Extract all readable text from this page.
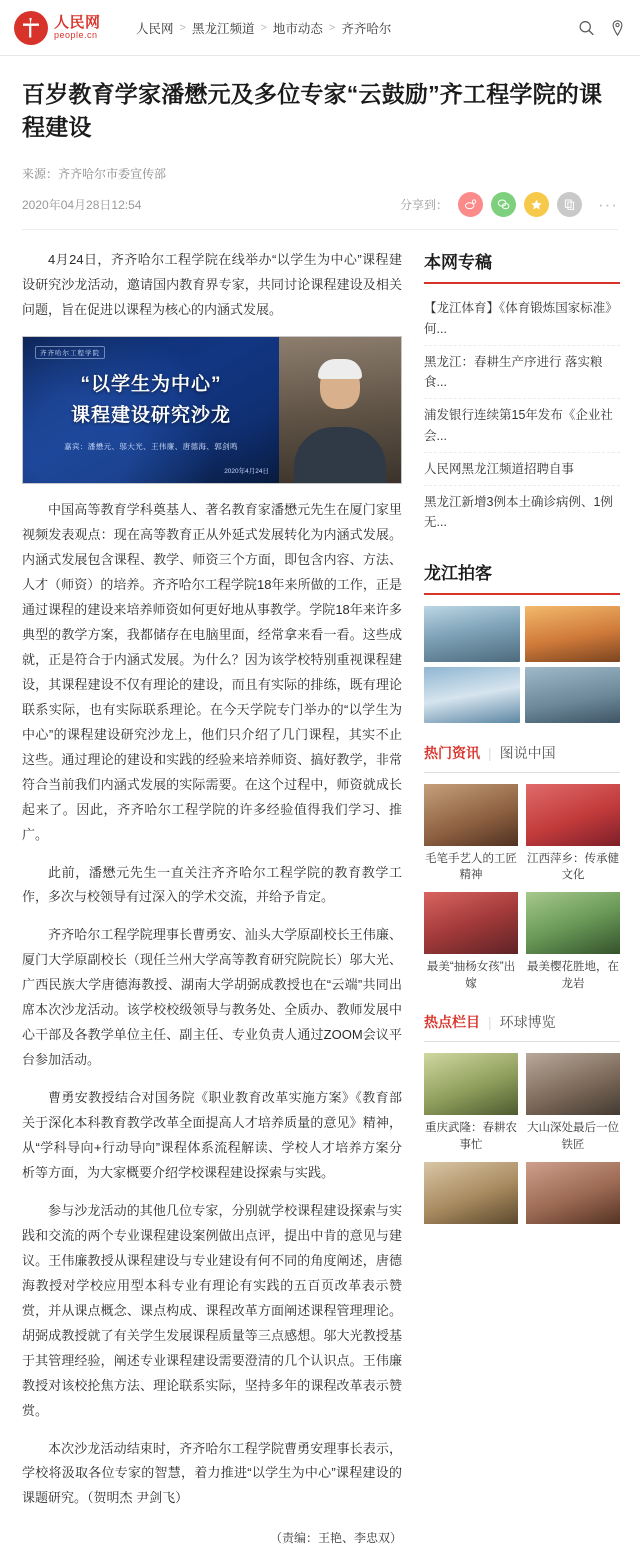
人民网
people.cn	人民网 > 黑龙江频道 > 地市动态 > 齐齐哈尔
百岁教育学家潘懋元及多位专家“云鼓励”齐工程学院的课程建设
来源：齐齐哈尔市委宣传部
2020年04月28日12:54	分享到：	···

4月24日，齐齐哈尔工程学院在线举办“以学生为中心”课程建设研究沙龙活动，邀请国内教育界专家，共同讨论课程建设及相关问题，旨在促进以课程为核心的内涵式发展。

齐齐哈尔工程学院
“以学生为中心”
课程建设研究沙龙
嘉宾：潘懋元、邬大光、王伟廉、唐德海、郭剑鸣
2020年4月24日

中国高等教育学科奠基人、著名教育家潘懋元先生在厦门家里视频发表观点：现在高等教育正从外延式发展转化为内涵式发展。内涵式发展包含课程、教学、师资三个方面，即包含内容、方法、人才（师资）的培养。齐齐哈尔工程学院18年来所做的工作，正是通过课程的建设来培养师资如何更好地从事教学。学院18年来许多典型的教学方案，我都储存在电脑里面，经常拿来看一看。这些成就，正是符合于内涵式发展。为什么？因为该学校特别重视课程建设，其课程建设不仅有理论的建设，而且有实际的排练，既有理论联系实际，也有实际联系理论。在今天学院专门举办的“以学生为中心”的课程建设研究沙龙上，他们只介绍了几门课程，其实不止这些。通过理论的建设和实践的经验来培养师资、搞好教学，非常符合当前我们内涵式发展的实际需要。在这个过程中，师资就成长起来了。因此，齐齐哈尔工程学院的许多经验值得我们学习、推广。

此前，潘懋元先生一直关注齐齐哈尔工程学院的教育教学工作，多次与校领导有过深入的学术交流，并给予肯定。

齐齐哈尔工程学院理事长曹勇安、汕头大学原副校长王伟廉、厦门大学原副校长（现任兰州大学高等教育研究院院长）邬大光、广西民族大学唐德海教授、湖南大学胡弼成教授也在“云端”共同出席本次沙龙活动。该学校校级领导与教务处、全质办、教师发展中心干部及各教学单位主任、副主任、专业负责人通过ZOOM会议平台参加活动。

曹勇安教授结合对国务院《职业教育改革实施方案》《教育部关于深化本科教育教学改革全面提高人才培养质量的意见》精神，从“学科导向+行动导向”课程体系流程解读、学校人才培养方案分析等方面，为大家概要介绍学校课程建设探索与实践。

参与沙龙活动的其他几位专家，分别就学校课程建设探索与实践和交流的两个专业课程建设案例做出点评，提出中肯的意见与建议。王伟廉教授从课程建设与专业建设有何不同的角度阐述，唐德海教授对学校应用型本科专业有理论有实践的五百页改革表示赞赏，并从课点概念、课点构成、课程改革方面阐述课程管理理论。胡弼成教授就了有关学生发展课程质量等三点感想。邬大光教授基于其管理经验，阐述专业课程建设需要澄清的几个认识点。王伟廉教授对该校抡焦方法、理论联系实际，坚持多年的课程改革表示赞赏。

本次沙龙活动结束时，齐齐哈尔工程学院曹勇安理事长表示，学校将汲取各位专家的智慧，着力推进“以学生为中心”课程建设的课题研究。（贺明杰 尹剑飞）

（责编：王艳、李忠双）

本网专稿
【龙江体育】《体育锻炼国家标准》何...
黑龙江：春耕生产序进行 落实粮食...
浦发银行连续第15年发布《企业社会...
人民网黑龙江频道招聘自事
黑龙江新增3例本土确诊病例、1例无...
龙江拍客
热门资讯 | 图说中国
毛笔手艺人的工匠精神
江西萍乡：传承健文化
最美“抽杨女孩”出嫁
最美樱花胜地，在龙岩
热点栏目 | 环球博览
重庆武隆：春耕农事忙
大山深处最后一位铁匠
